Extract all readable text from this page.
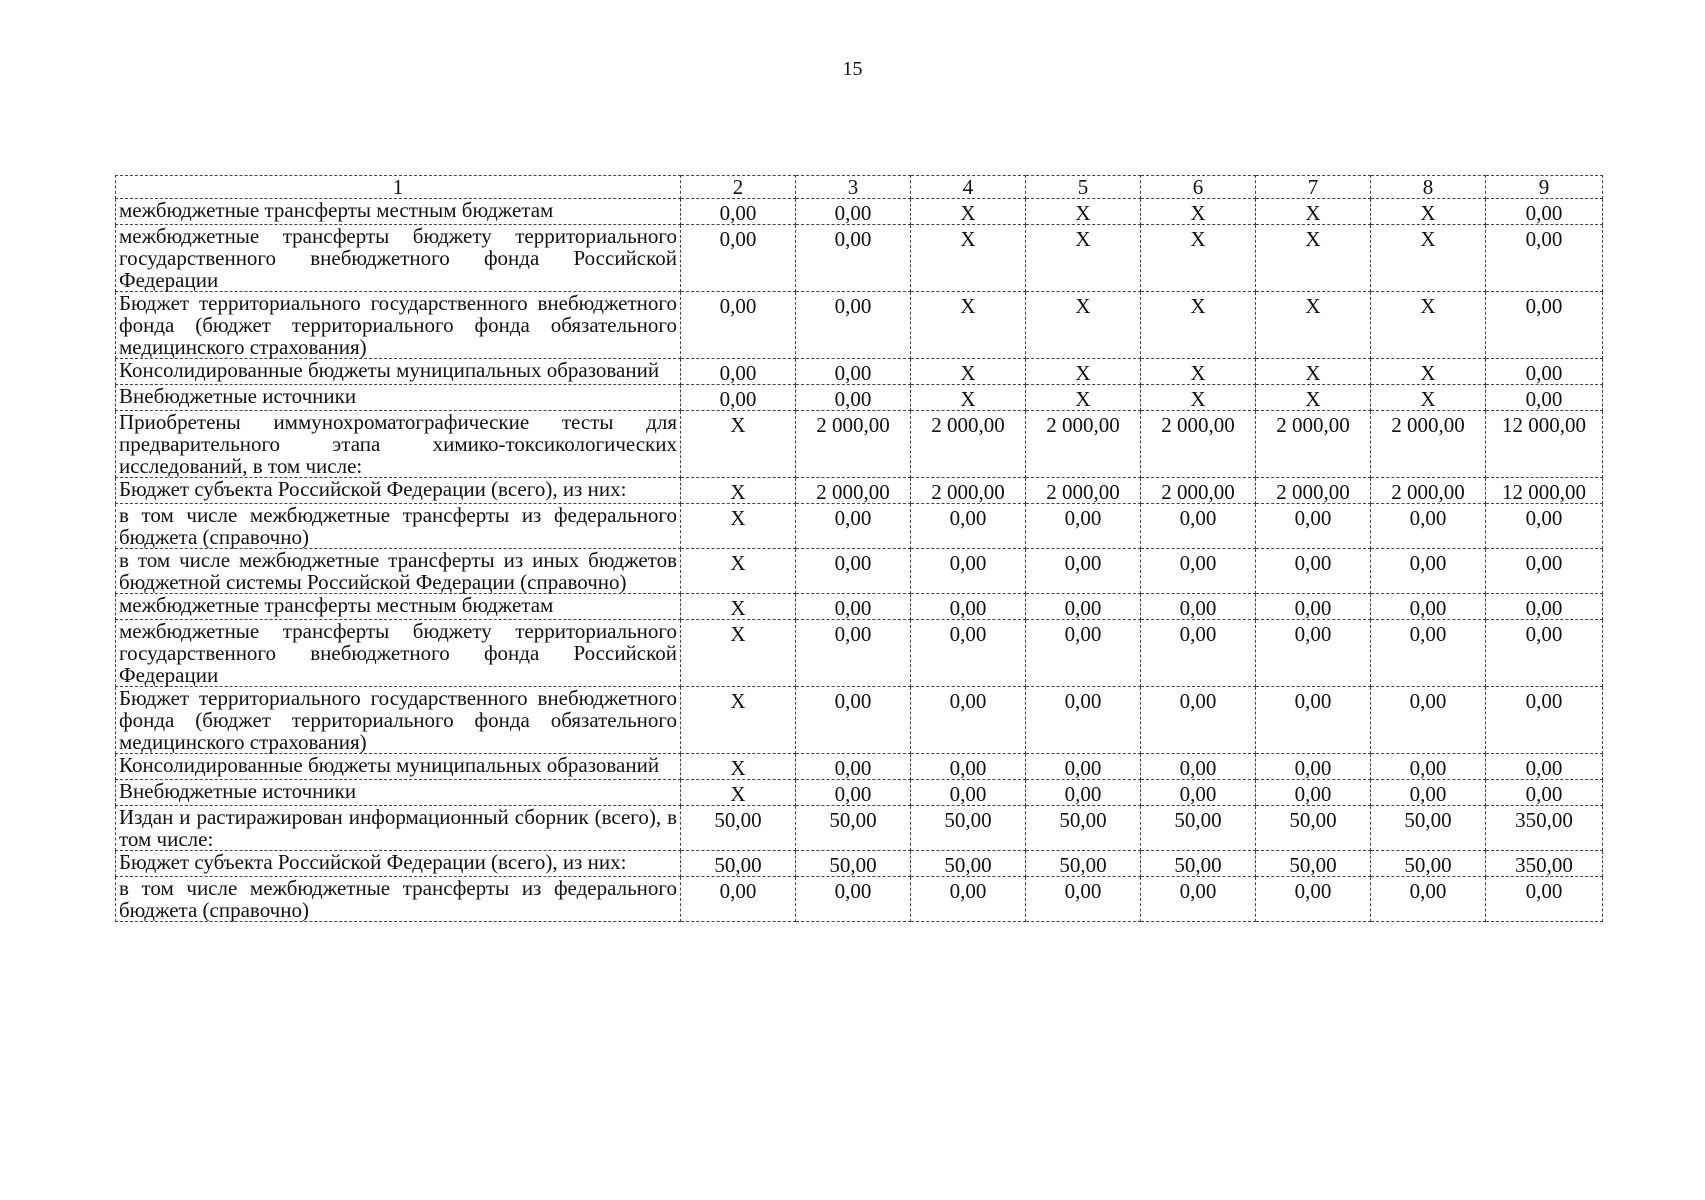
15
1	2	3	4	5	6	7	8	9
межбюджетные трансферты местным бюджетам	0,00	0,00	X	X	X	X	X	0,00
межбюджетные трансферты бюджету территориального государственного внебюджетного фонда Российской Федерации	0,00	0,00	X	X	X	X	X	0,00
Бюджет территориального государственного внебюджетного фонда (бюджет территориального фонда обязательного медицинского страхования)	0,00	0,00	X	X	X	X	X	0,00
Консолидированные бюджеты муниципальных образований	0,00	0,00	X	X	X	X	X	0,00
Внебюджетные источники	0,00	0,00	X	X	X	X	X	0,00
Приобретены иммунохроматографические тесты для предварительного этапа химико-токсикологических исследований, в том числе:	X	2 000,00	2 000,00	2 000,00	2 000,00	2 000,00	2 000,00	12 000,00
Бюджет субъекта Российской Федерации (всего), из них:	X	2 000,00	2 000,00	2 000,00	2 000,00	2 000,00	2 000,00	12 000,00
в том числе межбюджетные трансферты из федерального бюджета (справочно)	X	0,00	0,00	0,00	0,00	0,00	0,00	0,00
в том числе межбюджетные трансферты из иных бюджетов бюджетной системы Российской Федерации (справочно)	X	0,00	0,00	0,00	0,00	0,00	0,00	0,00
межбюджетные трансферты местным бюджетам	X	0,00	0,00	0,00	0,00	0,00	0,00	0,00
межбюджетные трансферты бюджету территориального государственного внебюджетного фонда Российской Федерации	X	0,00	0,00	0,00	0,00	0,00	0,00	0,00
Бюджет территориального государственного внебюджетного фонда (бюджет территориального фонда обязательного медицинского страхования)	X	0,00	0,00	0,00	0,00	0,00	0,00	0,00
Консолидированные бюджеты муниципальных образований	X	0,00	0,00	0,00	0,00	0,00	0,00	0,00
Внебюджетные источники	X	0,00	0,00	0,00	0,00	0,00	0,00	0,00
Издан и растиражирован информационный сборник (всего), в том числе:	50,00	50,00	50,00	50,00	50,00	50,00	50,00	350,00
Бюджет субъекта Российской Федерации (всего), из них:	50,00	50,00	50,00	50,00	50,00	50,00	50,00	350,00
в том числе межбюджетные трансферты из федерального бюджета (справочно)	0,00	0,00	0,00	0,00	0,00	0,00	0,00	0,00
